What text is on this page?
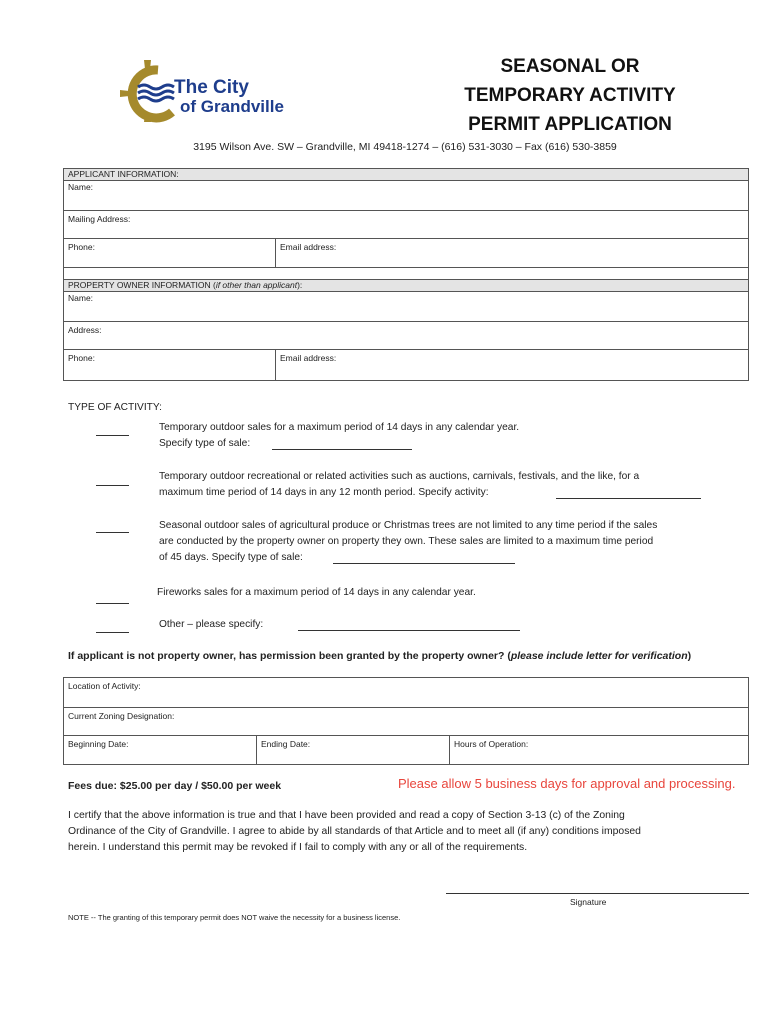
The City
of Grandville
SEASONAL OR
TEMPORARY ACTIVITY
PERMIT APPLICATION
3195 Wilson Ave. SW – Grandville, MI 49418-1274 – (616) 531-3030 – Fax (616) 530-3859
APPLICANT INFORMATION:
Name:
Mailing Address:
Phone:	Email address:
PROPERTY OWNER INFORMATION (if other than applicant):
Name:
Address:
Phone:	Email address:
TYPE OF ACTIVITY:
Temporary outdoor sales for a maximum period of 14 days in any calendar year.
Specify type of sale:
Temporary outdoor recreational or related activities such as auctions, carnivals, festivals, and the like, for a
maximum time period of 14 days in any 12 month period. Specify activity:
Seasonal outdoor sales of agricultural produce or Christmas trees are not limited to any time period if the sales
are conducted by the property owner on property they own. These sales are limited to a maximum time period
of 45 days. Specify type of sale:
Fireworks sales for a maximum period of 14 days in any calendar year.
Other – please specify:
If applicant is not property owner, has permission been granted by the property owner? (please include letter for verification)
Location of Activity:
Current Zoning Designation:
Beginning Date:	Ending Date:	Hours of Operation:
Fees due: $25.00 per day / $50.00 per week	Please allow 5 business days for approval and processing.
I certify that the above information is true and that I have been provided and read a copy of Section 3-13 (c) of the Zoning
Ordinance of the City of Grandville. I agree to abide by all standards of that Article and to meet all (if any) conditions imposed
herein. I understand this permit may be revoked if I fail to comply with any or all of the requirements.
Signature
NOTE -- The granting of this temporary permit does NOT waive the necessity for a business license.
